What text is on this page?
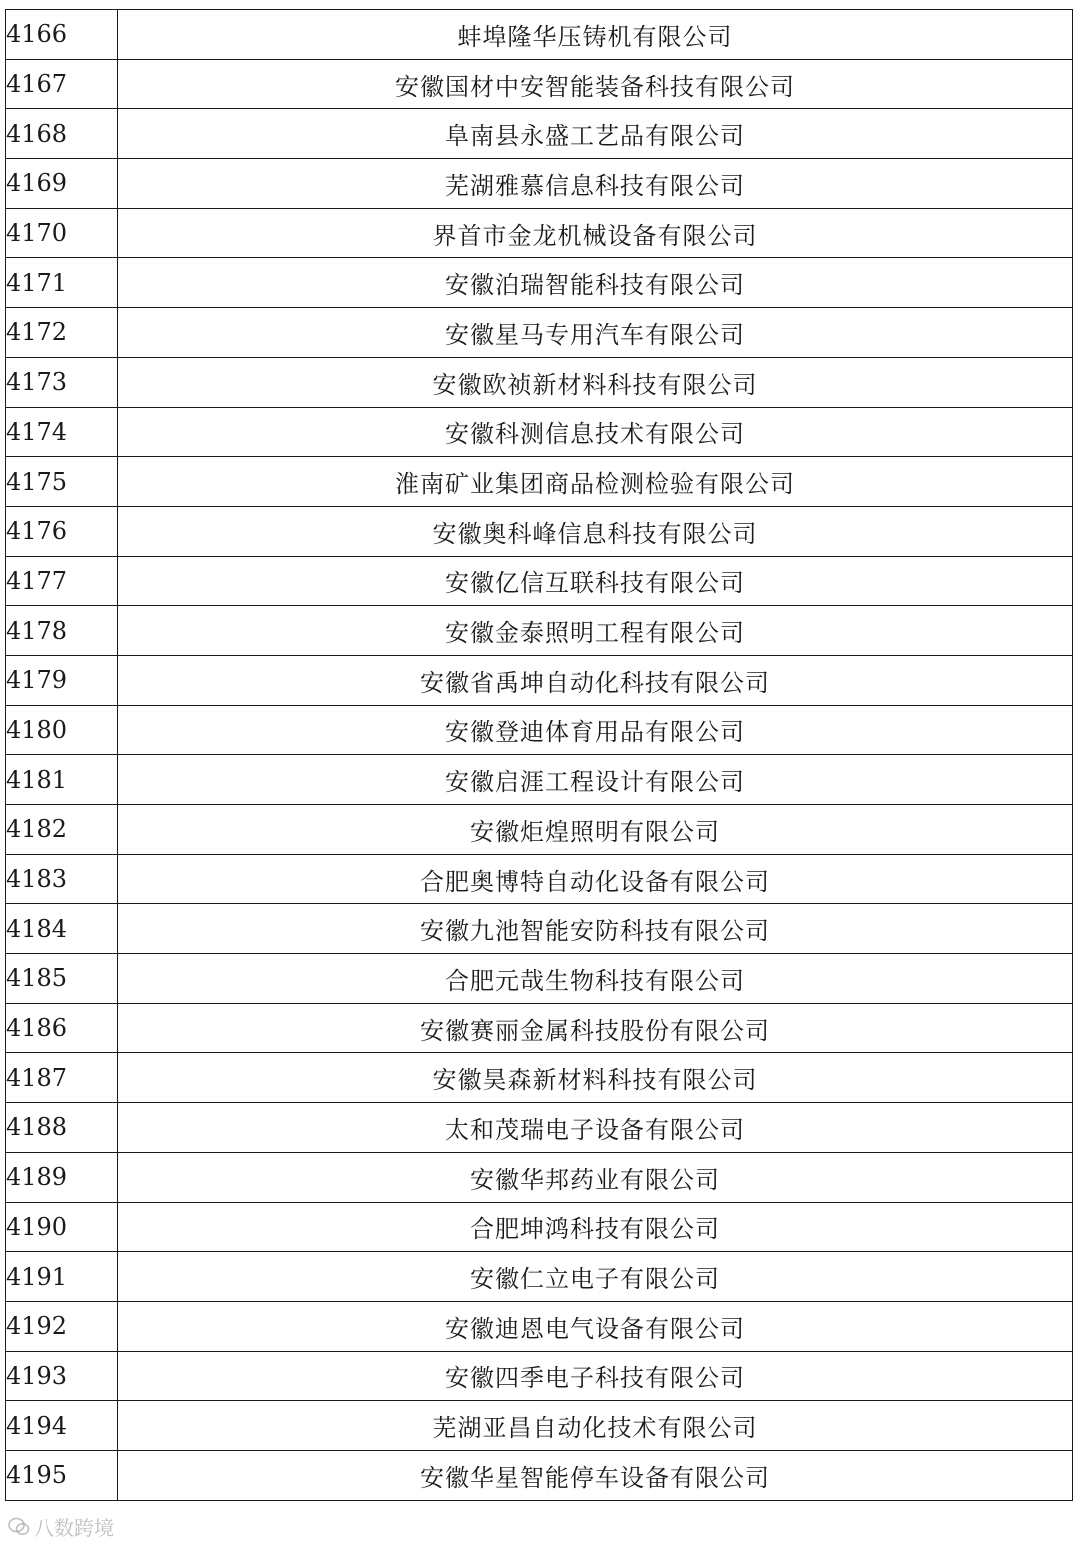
4166	蚌埠隆华压铸机有限公司
4167	安徽国材中安智能装备科技有限公司
4168	阜南县永盛工艺品有限公司
4169	芜湖雅慕信息科技有限公司
4170	界首市金龙机械设备有限公司
4171	安徽泊瑞智能科技有限公司
4172	安徽星马专用汽车有限公司
4173	安徽欧祯新材料科技有限公司
4174	安徽科测信息技术有限公司
4175	淮南矿业集团商品检测检验有限公司
4176	安徽奥科峰信息科技有限公司
4177	安徽亿信互联科技有限公司
4178	安徽金泰照明工程有限公司
4179	安徽省禹坤自动化科技有限公司
4180	安徽登迪体育用品有限公司
4181	安徽启涯工程设计有限公司
4182	安徽炬煌照明有限公司
4183	合肥奥博特自动化设备有限公司
4184	安徽九池智能安防科技有限公司
4185	合肥元哉生物科技有限公司
4186	安徽赛丽金属科技股份有限公司
4187	安徽昊森新材料科技有限公司
4188	太和茂瑞电子设备有限公司
4189	安徽华邦药业有限公司
4190	合肥坤鸿科技有限公司
4191	安徽仁立电子有限公司
4192	安徽迪恩电气设备有限公司
4193	安徽四季电子科技有限公司
4194	芜湖亚昌自动化技术有限公司
4195	安徽华星智能停车设备有限公司
八数跨境
